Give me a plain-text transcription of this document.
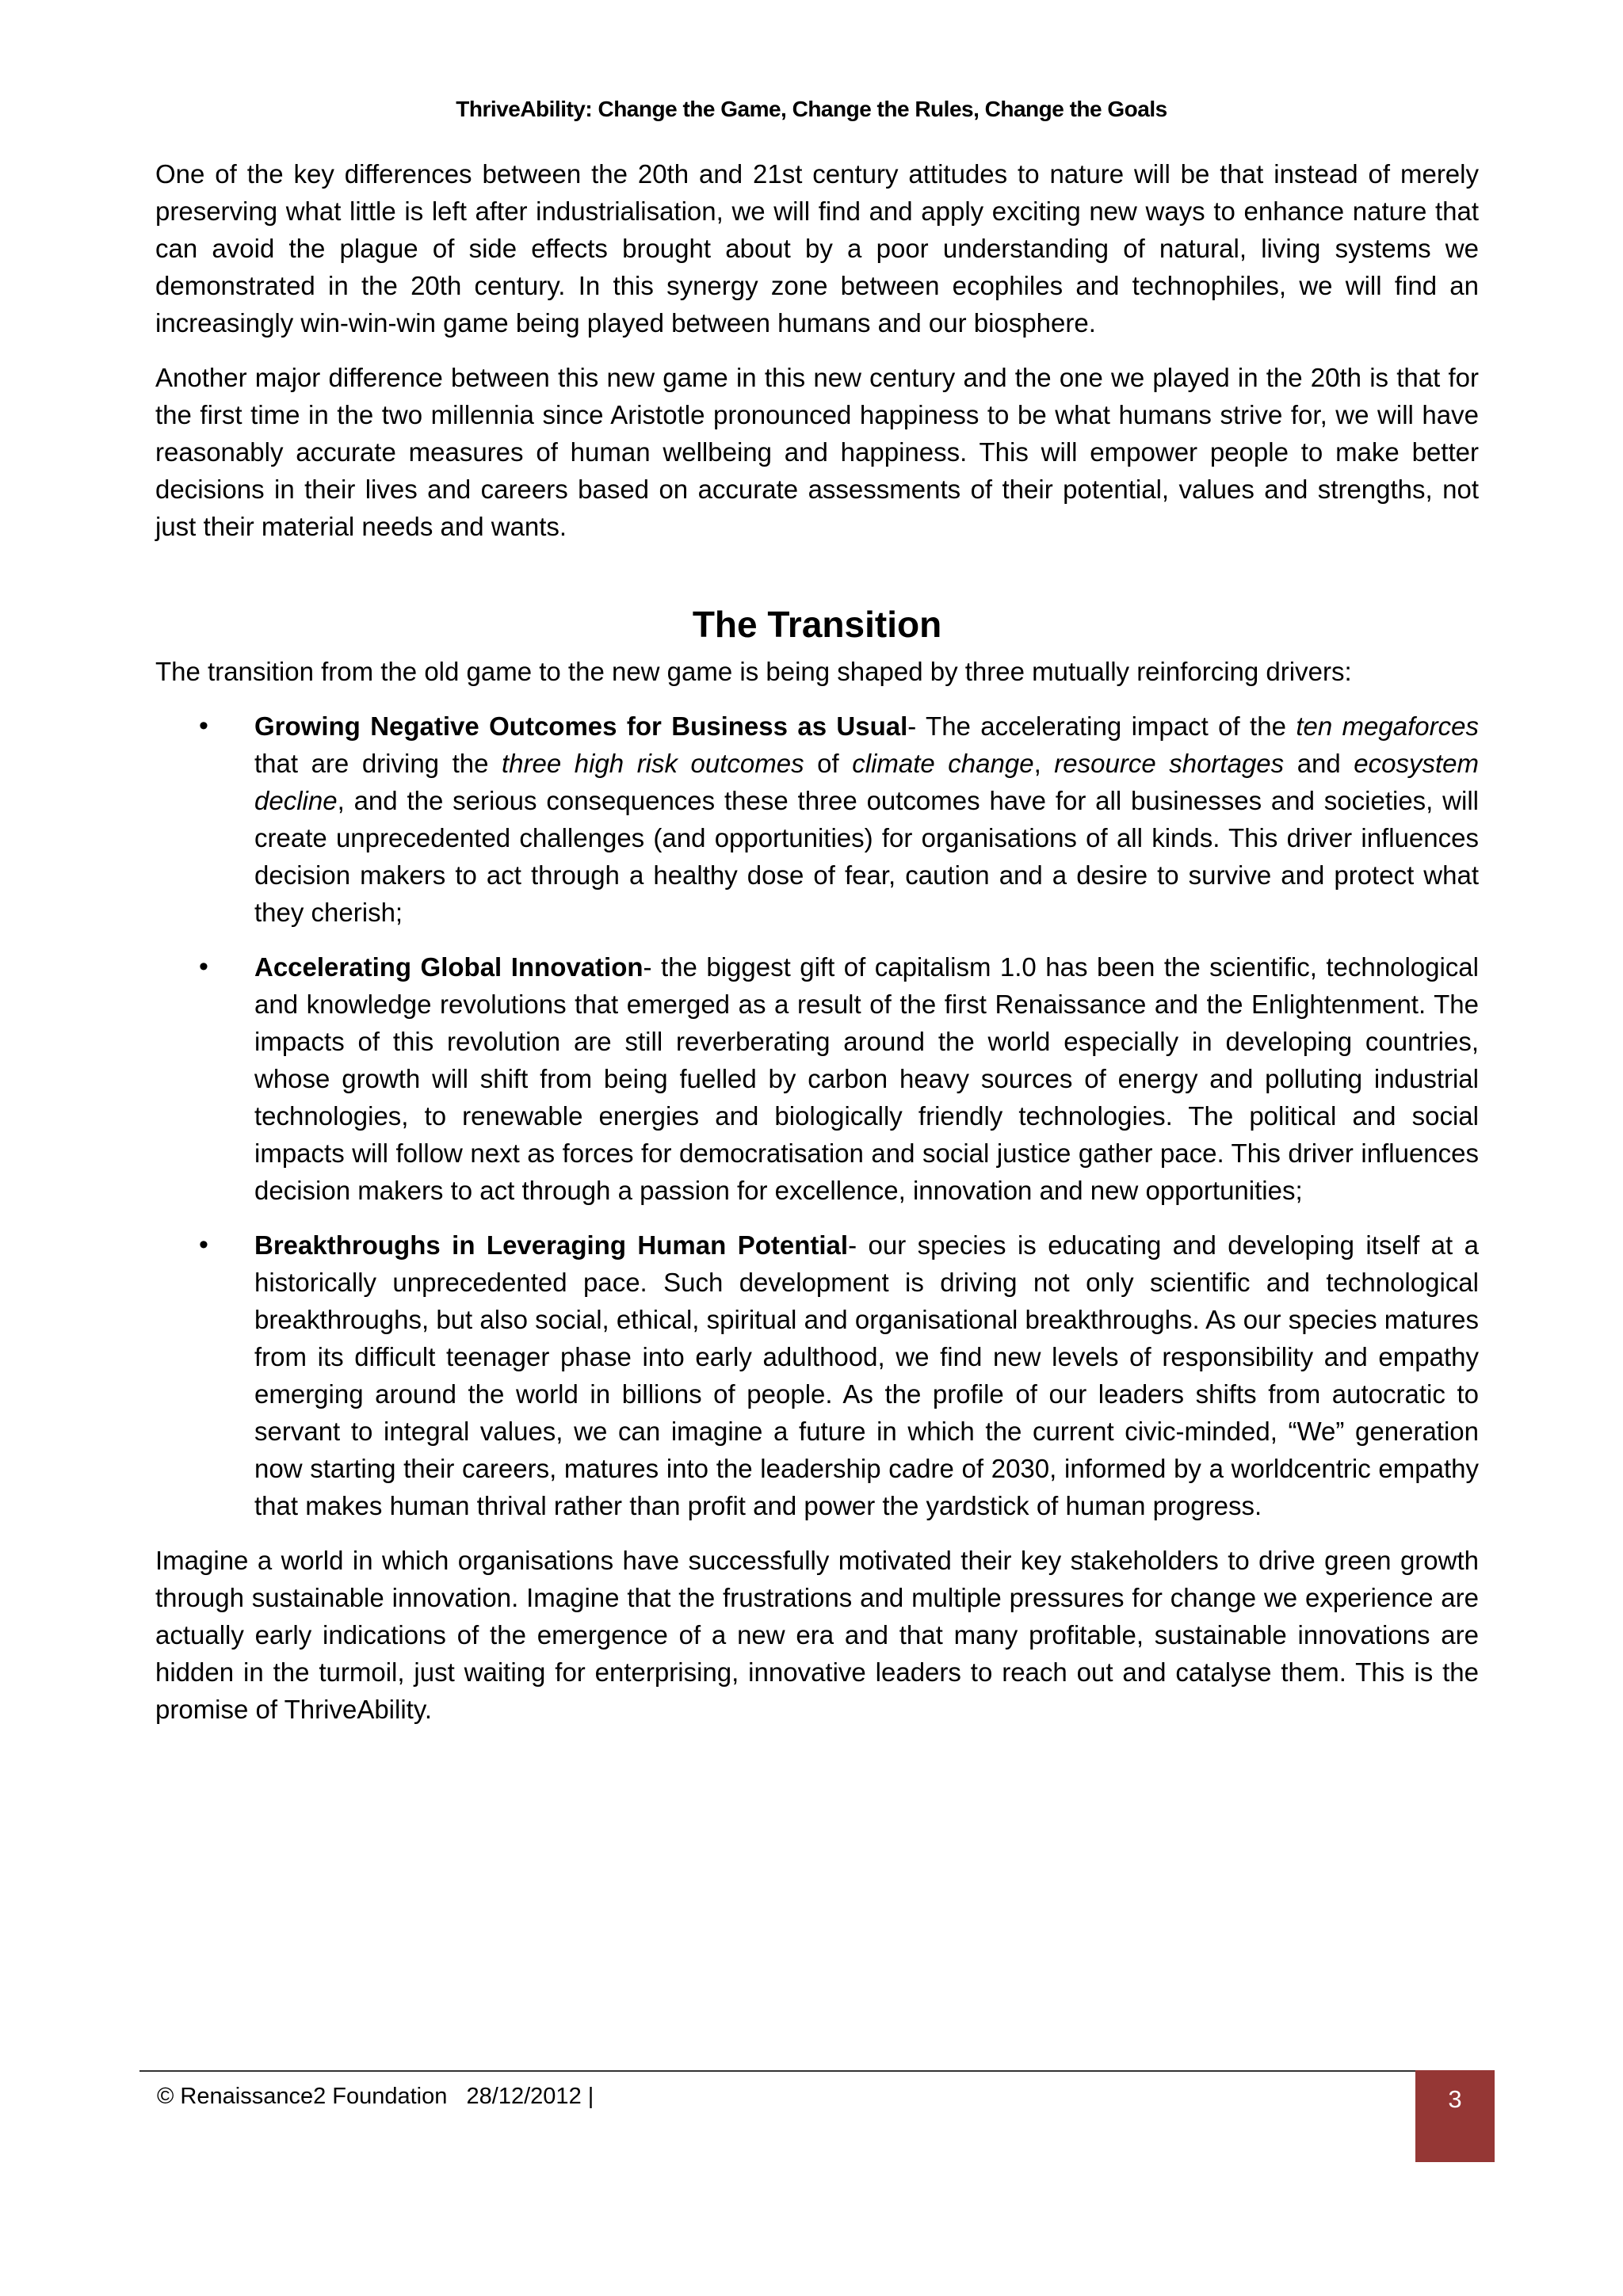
ThriveAbility: Change the Game, Change the Rules, Change the Goals

One of the key differences between the 20th and 21st century attitudes to nature will be that instead of merely preserving what little is left after industrialisation, we will find and apply exciting new ways to enhance nature that can avoid the plague of side effects brought about by a poor understanding of natural, living systems we demonstrated in the 20th century. In this synergy zone between ecophiles and technophiles, we will find an increasingly win-win-win game being played between humans and our biosphere.

Another major difference between this new game in this new century and the one we played in the 20th is that for the first time in the two millennia since Aristotle pronounced happiness to be what humans strive for, we will have reasonably accurate measures of human wellbeing and happiness. This will empower people to make better decisions in their lives and careers based on accurate assessments of their potential, values and strengths, not just their material needs and wants.

The Transition

The transition from the old game to the new game is being shaped by three mutually reinforcing drivers:

• Growing Negative Outcomes for Business as Usual- The accelerating impact of the ten megaforces that are driving the three high risk outcomes of climate change, resource shortages and ecosystem decline, and the serious consequences these three outcomes have for all businesses and societies, will create unprecedented challenges (and opportunities) for organisations of all kinds. This driver influences decision makers to act through a healthy dose of fear, caution and a desire to survive and protect what they cherish;
• Accelerating Global Innovation- the biggest gift of capitalism 1.0 has been the scientific, technological and knowledge revolutions that emerged as a result of the first Renaissance and the Enlightenment. The impacts of this revolution are still reverberating around the world especially in developing countries, whose growth will shift from being fuelled by carbon heavy sources of energy and polluting industrial technologies, to renewable energies and biologically friendly technologies. The political and social impacts will follow next as forces for democratisation and social justice gather pace. This driver influences decision makers to act through a passion for excellence, innovation and new opportunities;
• Breakthroughs in Leveraging Human Potential- our species is educating and developing itself at a historically unprecedented pace. Such development is driving not only scientific and technological breakthroughs, but also social, ethical, spiritual and organisational breakthroughs. As our species matures from its difficult teenager phase into early adulthood, we find new levels of responsibility and empathy emerging around the world in billions of people. As the profile of our leaders shifts from autocratic to servant to integral values, we can imagine a future in which the current civic-minded, “We” generation now starting their careers, matures into the leadership cadre of 2030, informed by a worldcentric empathy that makes human thrival rather than profit and power the yardstick of human progress.

Imagine a world in which organisations have successfully motivated their key stakeholders to drive green growth through sustainable innovation. Imagine that the frustrations and multiple pressures for change we experience are actually early indications of the emergence of a new era and that many profitable, sustainable innovations are hidden in the turmoil, just waiting for enterprising, innovative leaders to reach out and catalyse them. This is the promise of ThriveAbility.

© Renaissance2 Foundation   28/12/2012 |	3
